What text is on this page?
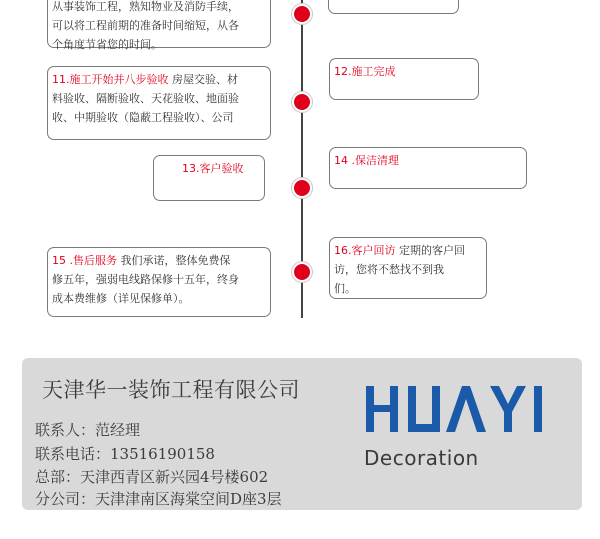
从事装饰工程，熟知物业及消防手续，
可以将工程前期的准备时间缩短，从各
个角度节省您的时间。
11.施工开始并八步验收 房屋交验、材
料验收、隔断验收、天花验收、地面验
收、中期验收（隐蔽工程验收）、公司
12.施工完成
13.客户验收
14 .保洁清理
15 .售后服务 我们承诺，整体免费保
修五年，强弱电线路保修十五年，终身
成本费维修（详见保修单）。
16.客户回访 定期的客户回
访，您将不愁找不到我
们。
天津华一装饰工程有限公司
联系人：范经理
联系电话：13516190158
总部：天津西青区新兴园4号楼602
分公司：天津津南区海棠空间D座3层
Decoration
